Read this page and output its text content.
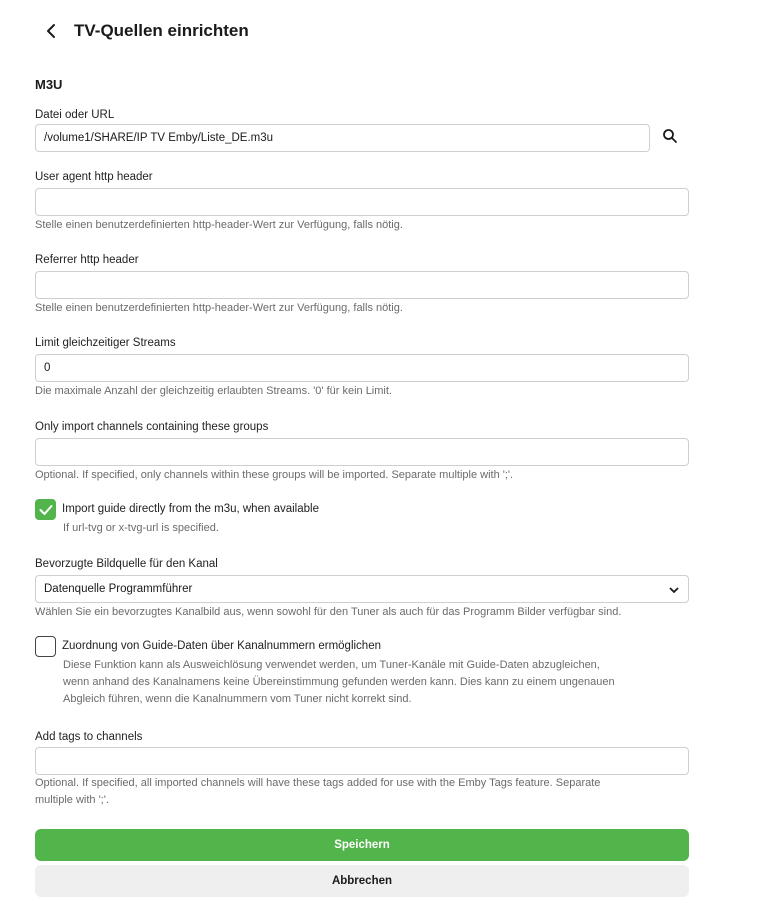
TV-Quellen einrichten
M3U
Datei oder URL
/volume1/SHARE/IP TV Emby/Liste_DE.m3u
User agent http header
Stelle einen benutzerdefinierten http-header-Wert zur Verfügung, falls nötig.
Referrer http header
Stelle einen benutzerdefinierten http-header-Wert zur Verfügung, falls nötig.
Limit gleichzeitiger Streams
0
Die maximale Anzahl der gleichzeitig erlaubten Streams. '0' für kein Limit.
Only import channels containing these groups
Optional. If specified, only channels within these groups will be imported. Separate multiple with ';'.
Import guide directly from the m3u, when available
If url-tvg or x-tvg-url is specified.
Bevorzugte Bildquelle für den Kanal
Datenquelle Programmführer
Wählen Sie ein bevorzugtes Kanalbild aus, wenn sowohl für den Tuner als auch für das Programm Bilder verfügbar sind.
Zuordnung von Guide-Daten über Kanalnummern ermöglichen
Diese Funktion kann als Ausweichlösung verwendet werden, um Tuner-Kanäle mit Guide-Daten abzugleichen,
wenn anhand des Kanalnamens keine Übereinstimmung gefunden werden kann. Dies kann zu einem ungenauen
Abgleich führen, wenn die Kanalnummern vom Tuner nicht korrekt sind.
Add tags to channels
Optional. If specified, all imported channels will have these tags added for use with the Emby Tags feature. Separate
multiple with ';'.
Speichern
Abbrechen
